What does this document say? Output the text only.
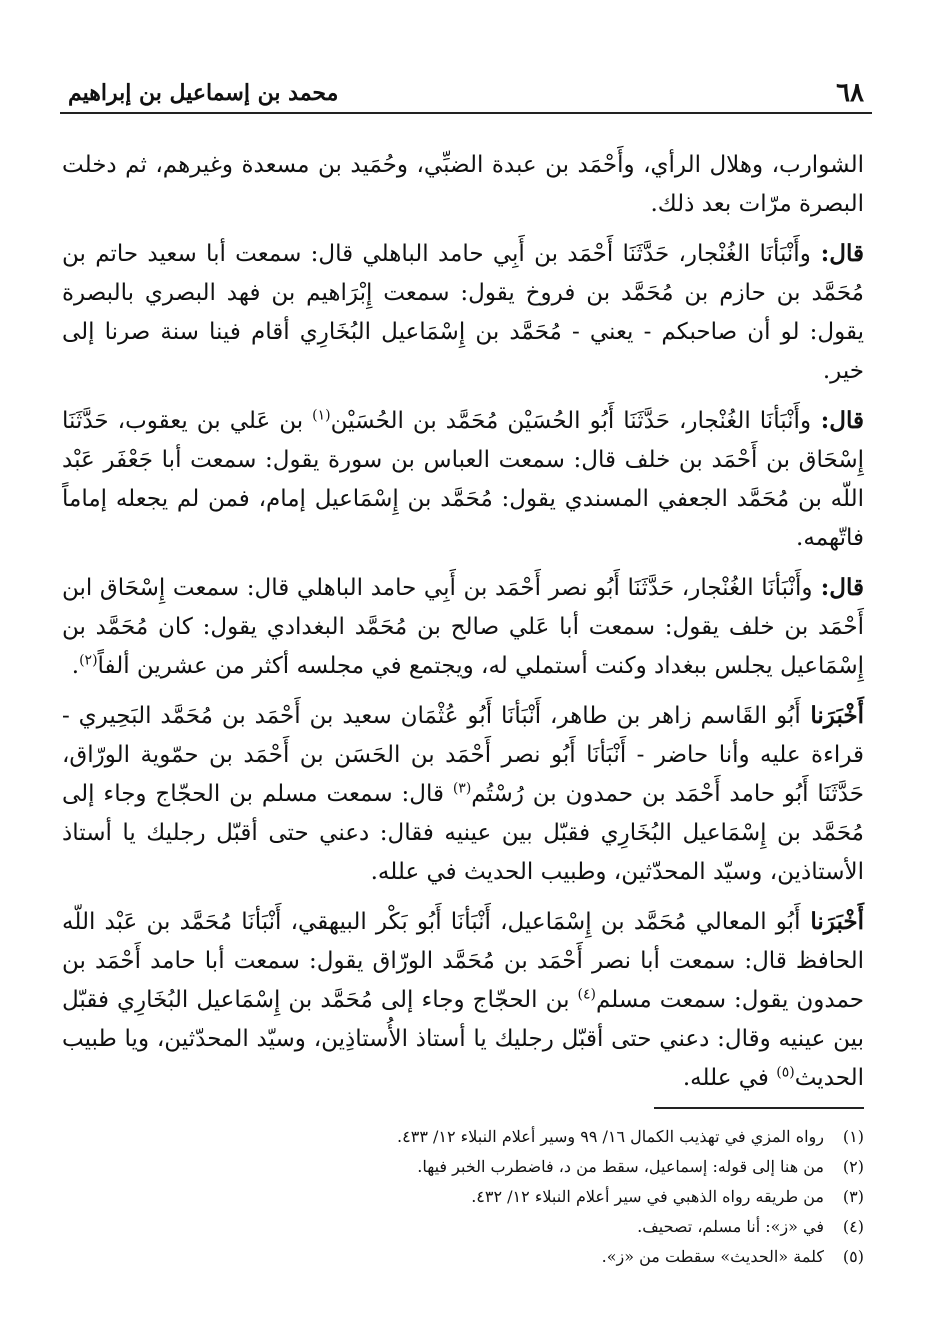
٦٨
محمد بن إسماعيل بن إبراهيم

الشوارب، وهلال الرأي، وأَحْمَد بن عبدة الضبِّي، وحُمَيد بن مسعدة وغيرهم، ثم دخلت البصرة مرّات بعد ذلك.

قال: وأَنْبَأنَا الغُنْجار، حَدَّثَنَا أَحْمَد بن أَبِي حامد الباهلي قال: سمعت أبا سعيد حاتم بن مُحَمَّد بن حازم بن مُحَمَّد بن فروخ يقول: سمعت إِبْرَاهيم بن فهد البصري بالبصرة يقول: لو أن صاحبكم - يعني - مُحَمَّد بن إِسْمَاعيل البُخَارِي أقام فينا سنة صرنا إلى خير.

قال: وأَنْبَأنَا الغُنْجار، حَدَّثَنَا أَبُو الحُسَيْن مُحَمَّد بن الحُسَيْن$^{(١)}$ بن عَلي بن يعقوب، حَدَّثَنَا إِسْحَاق بن أَحْمَد بن خلف قال: سمعت العباس بن سورة يقول: سمعت أبا جَعْفَر عَبْد اللّه بن مُحَمَّد الجعفي المسندي يقول: مُحَمَّد بن إِسْمَاعيل إمام، فمن لم يجعله إماماً فاتّهمه.

قال: وأَنْبَأنَا الغُنْجار، حَدَّثَنَا أَبُو نصر أَحْمَد بن أَبِي حامد الباهلي قال: سمعت إِسْحَاق ابن أَحْمَد بن خلف يقول: سمعت أبا عَلي صالح بن مُحَمَّد البغدادي يقول: كان مُحَمَّد بن إِسْمَاعيل يجلس ببغداد وكنت أستملي له، ويجتمع في مجلسه أكثر من عشرين ألفاً$^{(٢)}$.

أَخْبَرَنا أَبُو القَاسم زاهر بن طاهر، أَنْبَأنَا أَبُو عُثْمَان سعيد بن أَحْمَد بن مُحَمَّد البَحِيري - قراءة عليه وأنا حاضر - أَنْبَأنَا أَبُو نصر أَحْمَد بن الحَسَن بن أَحْمَد بن حمّوية الورّاق، حَدَّثَنَا أَبُو حامد أَحْمَد بن حمدون بن رُسْتُم$^{(٣)}$ قال: سمعت مسلم بن الحجّاج وجاء إلى مُحَمَّد بن إِسْمَاعيل البُخَارِي فقبّل بين عينيه فقال: دعني حتى أقبّل رجليك يا أستاذ الأستاذين، وسيّد المحدّثين، وطبيب الحديث في علله.

أَخْبَرَنا أَبُو المعالي مُحَمَّد بن إِسْمَاعيل، أَنْبَأنَا أَبُو بَكْر البيهقي، أَنْبَأنَا مُحَمَّد بن عَبْد اللّه الحافظ قال: سمعت أبا نصر أَحْمَد بن مُحَمَّد الورّاق يقول: سمعت أبا حامد أَحْمَد بن حمدون يقول: سمعت مسلم$^{(٤)}$ بن الحجّاج وجاء إلى مُحَمَّد بن إِسْمَاعيل البُخَارِي فقبّل بين عينيه وقال: دعني حتى أقبّل رجليك يا أستاذ الأُستاذِين، وسيّد المحدّثين، ويا طبيب الحديث$^{(٥)}$ في علله.

(١)
رواه المزي في تهذيب الكمال ١٦/ ٩٩ وسير أعلام النبلاء ١٢/ ٤٣٣.
(٢)
من هنا إلى قوله: إسماعيل، سقط من د، فاضطرب الخبر فيها.
(٣)
من طريقه رواه الذهبي في سير أعلام النبلاء ١٢/ ٤٣٢.
(٤)
في «ز»: أنا مسلم، تصحيف.
(٥)
كلمة «الحديث» سقطت من «ز».
